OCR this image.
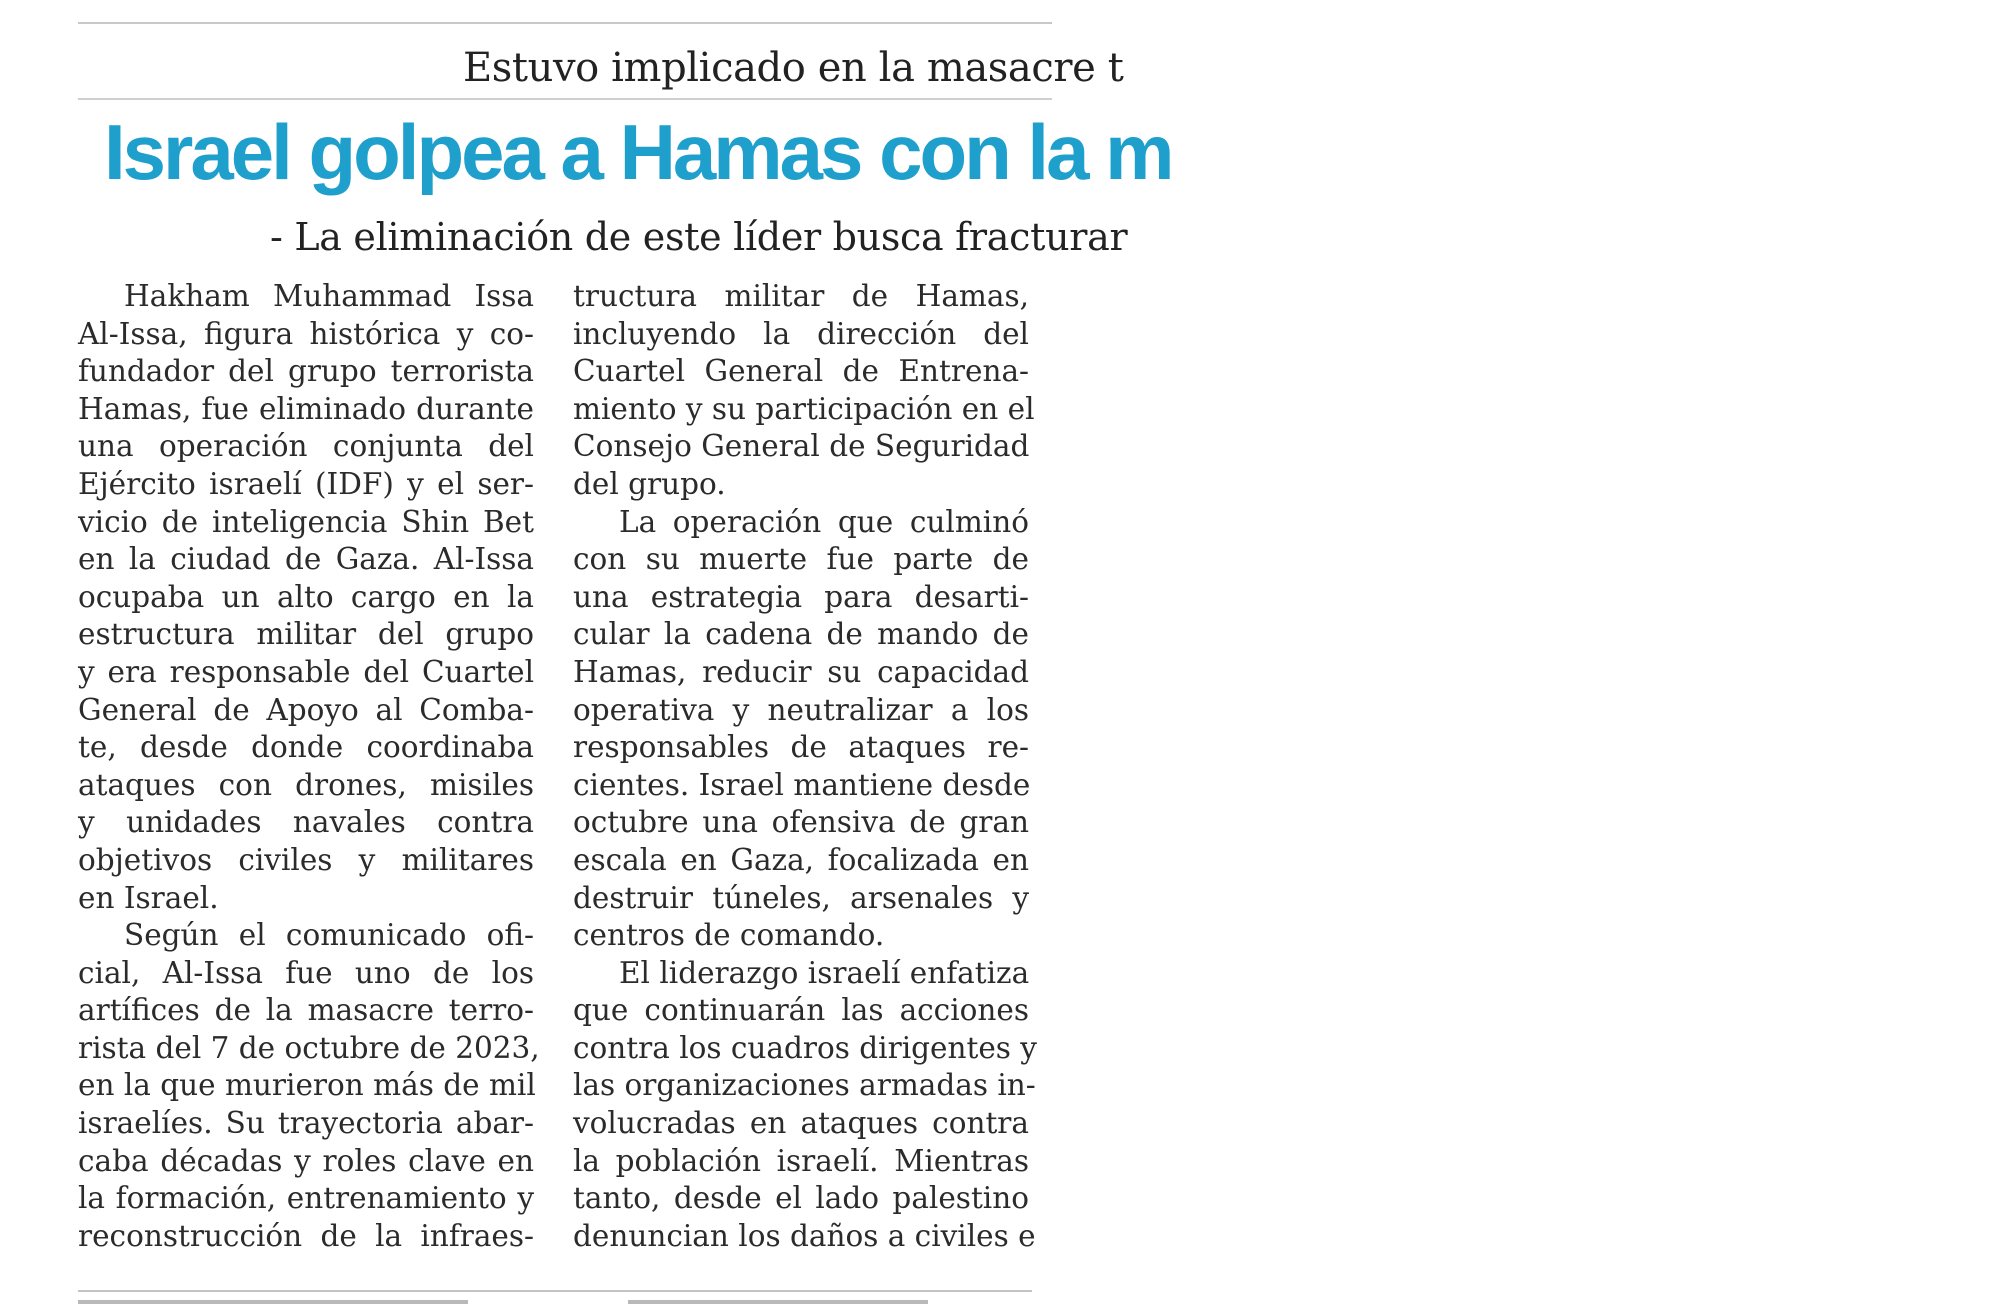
Estuvo implicado en la masacre t
Israel golpea a Hamas con la m
- La eliminación de este líder busca fracturar
Hakham Muhammad Issa
Al-Issa, figura histórica y co-
fundador del grupo terrorista
Hamas, fue eliminado durante
una operación conjunta del
Ejército israelí (IDF) y el ser-
vicio de inteligencia Shin Bet
en la ciudad de Gaza. Al-Issa
ocupaba un alto cargo en la
estructura militar del grupo
y era responsable del Cuartel
General de Apoyo al Comba-
te, desde donde coordinaba
ataques con drones, misiles
y unidades navales contra
objetivos civiles y militares
en Israel.
Según el comunicado ofi-
cial, Al-Issa fue uno de los
artífices de la masacre terro-
rista del 7 de octubre de 2023,
en la que murieron más de mil
israelíes. Su trayectoria abar-
caba décadas y roles clave en
la formación, entrenamiento y
reconstrucción de la infraes-
tructura militar de Hamas,
incluyendo la dirección del
Cuartel General de Entrena-
miento y su participación en el
Consejo General de Seguridad
del grupo.
La operación que culminó
con su muerte fue parte de
una estrategia para desarti-
cular la cadena de mando de
Hamas, reducir su capacidad
operativa y neutralizar a los
responsables de ataques re-
cientes. Israel mantiene desde
octubre una ofensiva de gran
escala en Gaza, focalizada en
destruir túneles, arsenales y
centros de comando.
El liderazgo israelí enfatiza
que continuarán las acciones
contra los cuadros dirigentes y
las organizaciones armadas in-
volucradas en ataques contra
la población israelí. Mientras
tanto, desde el lado palestino
denuncian los daños a civiles e
